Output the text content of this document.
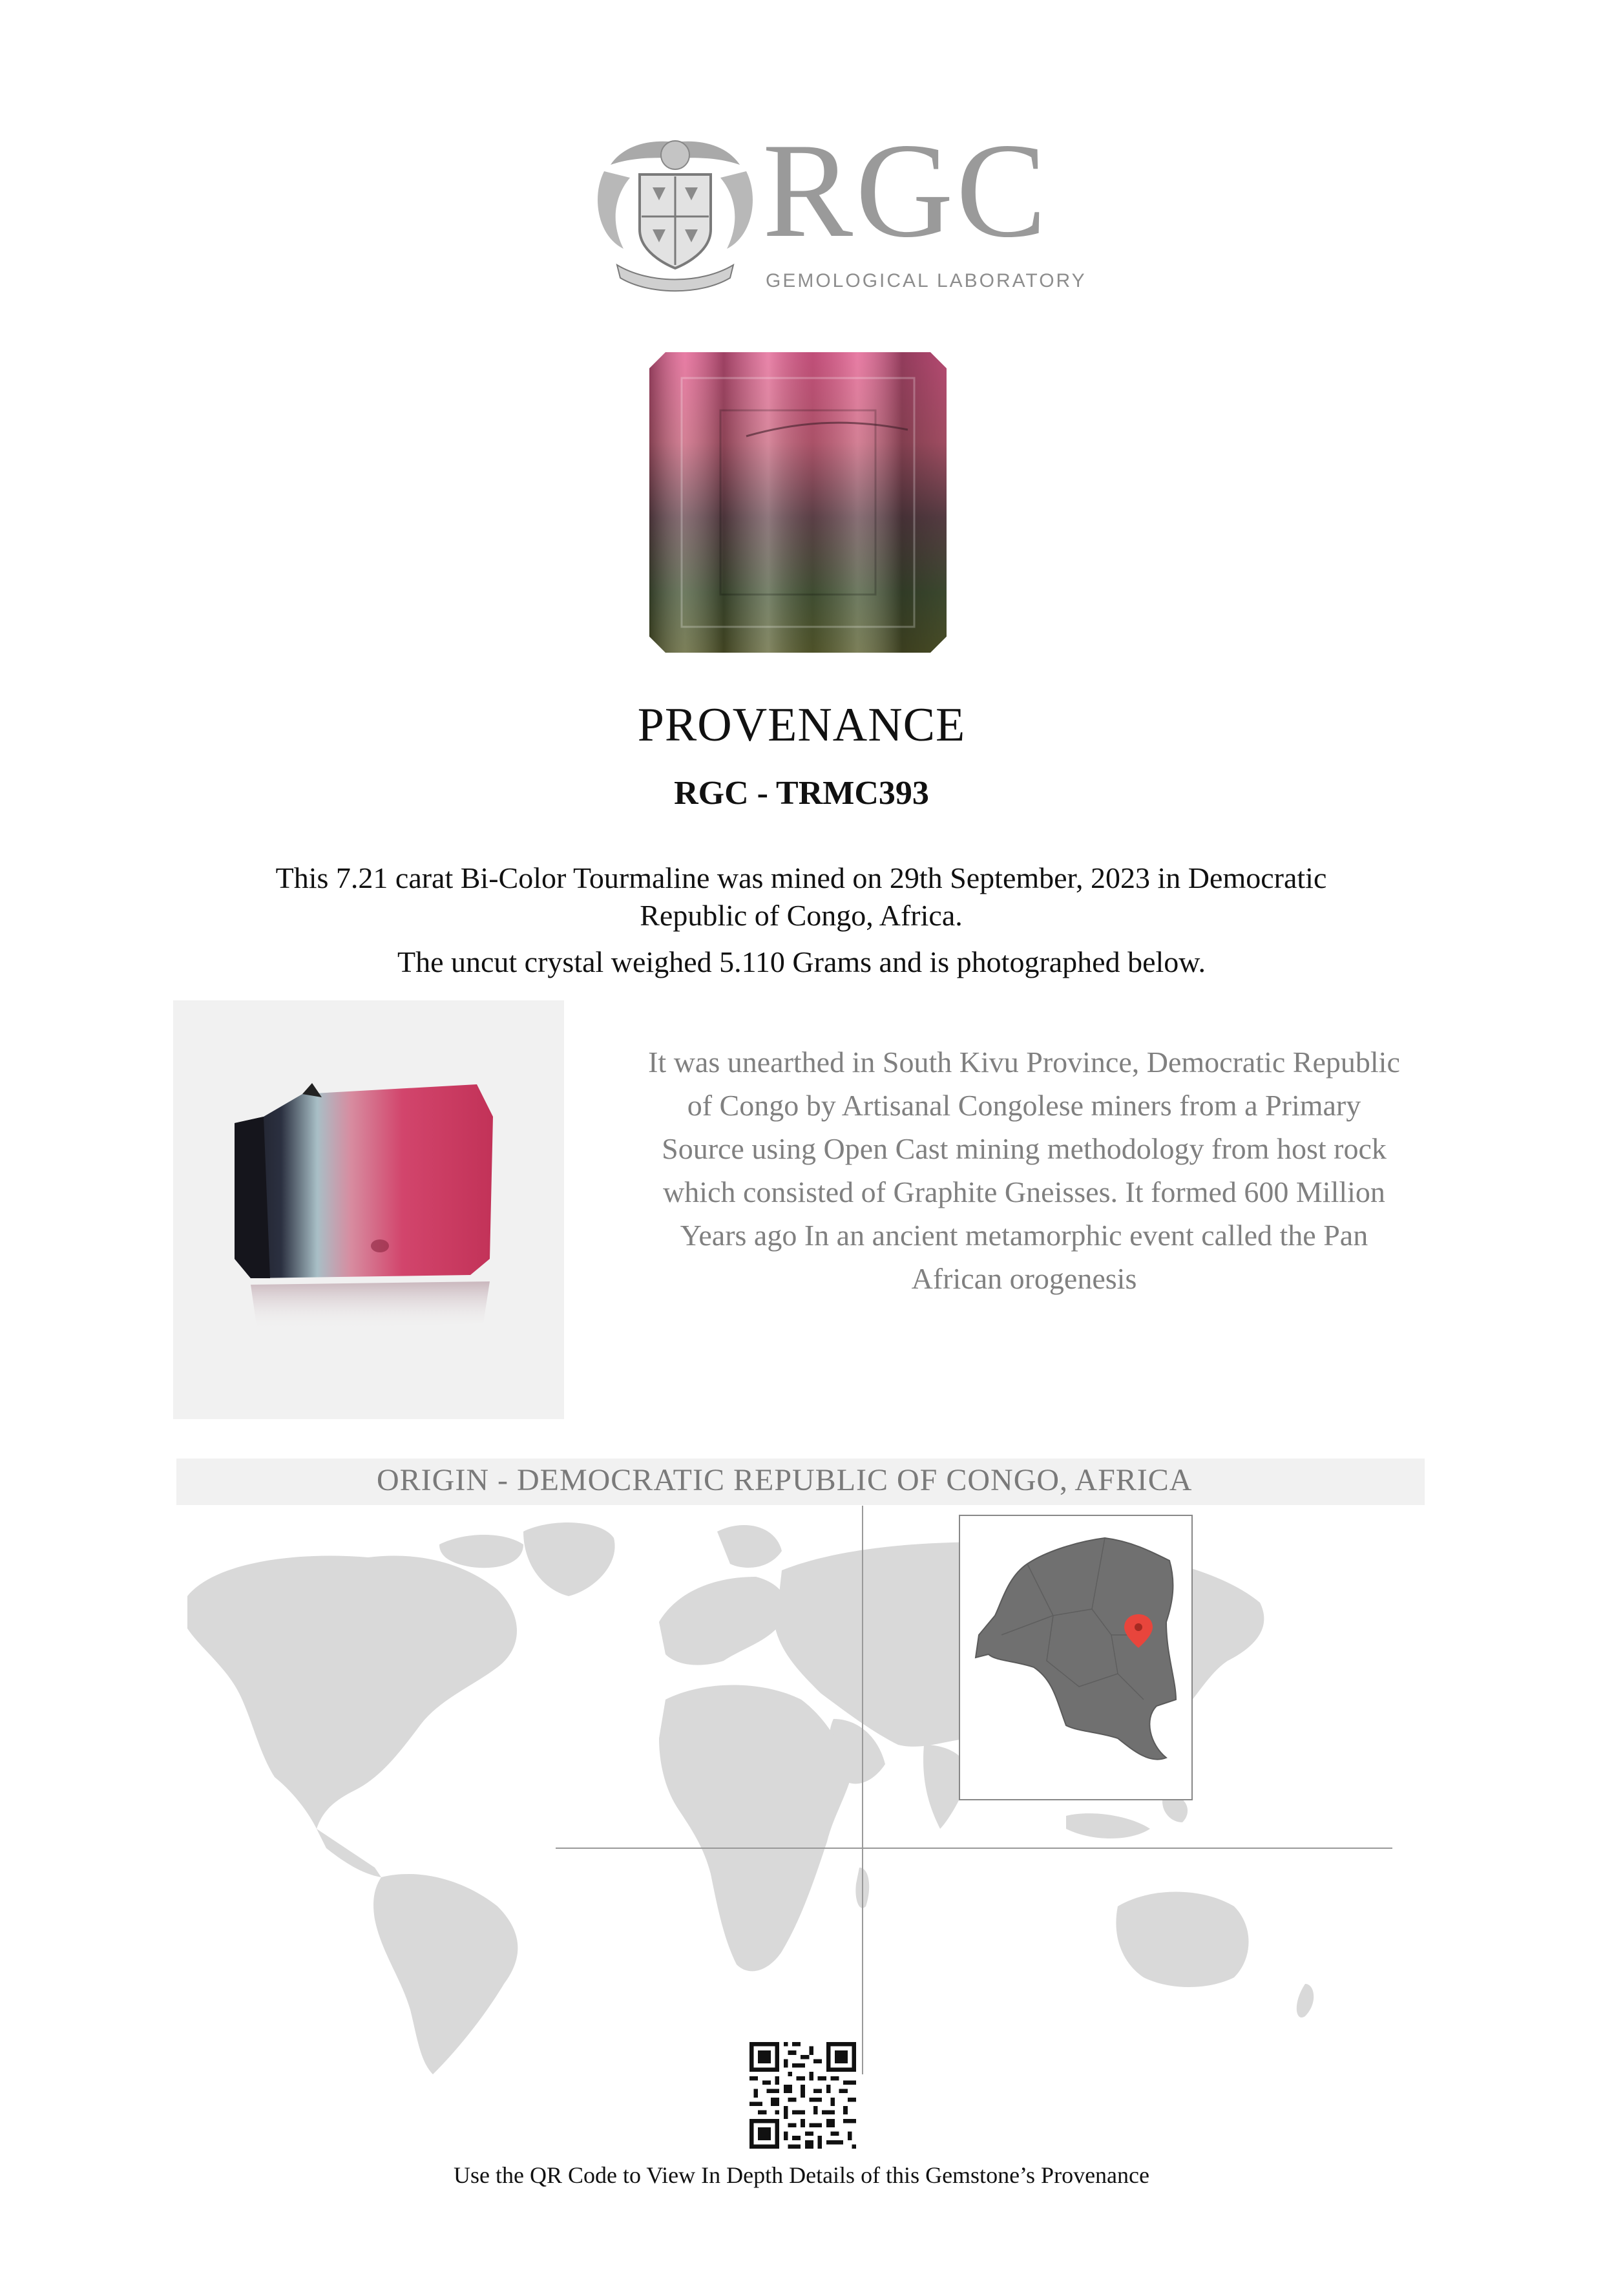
RGC
GEMOLOGICAL LABORATORY
PROVENANCE
RGC - TRMC393
This 7.21 carat Bi-Color Tourmaline was mined on 29th September, 2023 in Democratic Republic of Congo, Africa.
The uncut crystal weighed 5.110 Grams and is photographed below.
It was unearthed in South Kivu Province, Democratic Republic of Congo by Artisanal Congolese miners from a Primary Source using Open Cast mining methodology from host rock which consisted of Graphite Gneisses. It formed 600 Million Years ago In an ancient metamorphic event called the Pan African orogenesis
ORIGIN - DEMOCRATIC REPUBLIC OF CONGO, AFRICA
Use the QR Code to View In Depth Details of this Gemstone’s Provenance
